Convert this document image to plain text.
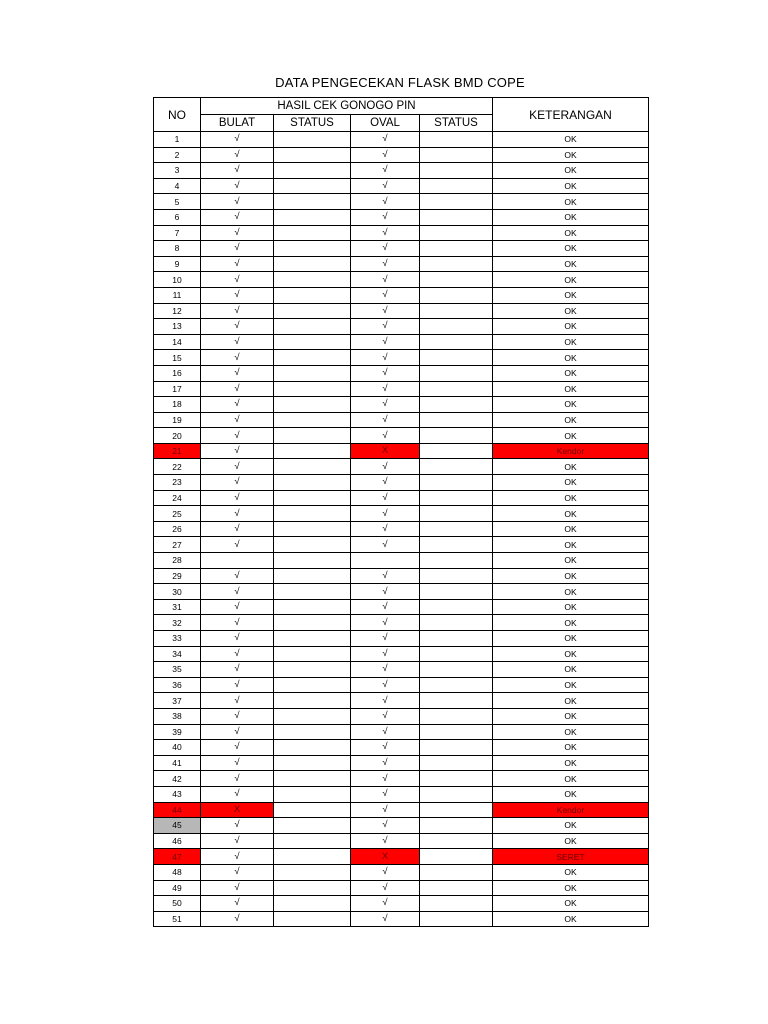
DATA PENGECEKAN FLASK BMD COPE
NO	HASIL CEK GONOGO PIN				KETERANGAN
	BULAT	STATUS	OVAL	STATUS	
1	√		√		OK
2	√		√		OK
3	√		√		OK
4	√		√		OK
5	√		√		OK
6	√		√		OK
7	√		√		OK
8	√		√		OK
9	√		√		OK
10	√		√		OK
11	√		√		OK
12	√		√		OK
13	√		√		OK
14	√		√		OK
15	√		√		OK
16	√		√		OK
17	√		√		OK
18	√		√		OK
19	√		√		OK
20	√		√		OK
21	√		X		Kendor
22	√		√		OK
23	√		√		OK
24	√		√		OK
25	√		√		OK
26	√		√		OK
27	√		√		OK
28					OK
29	√		√		OK
30	√		√		OK
31	√		√		OK
32	√		√		OK
33	√		√		OK
34	√		√		OK
35	√		√		OK
36	√		√		OK
37	√		√		OK
38	√		√		OK
39	√		√		OK
40	√		√		OK
41	√		√		OK
42	√		√		OK
43	√		√		OK
44	X		√		Kendor
45	√		√		OK
46	√		√		OK
47	√		X		SERET
48	√		√		OK
49	√		√		OK
50	√		√		OK
51	√		√		OK
